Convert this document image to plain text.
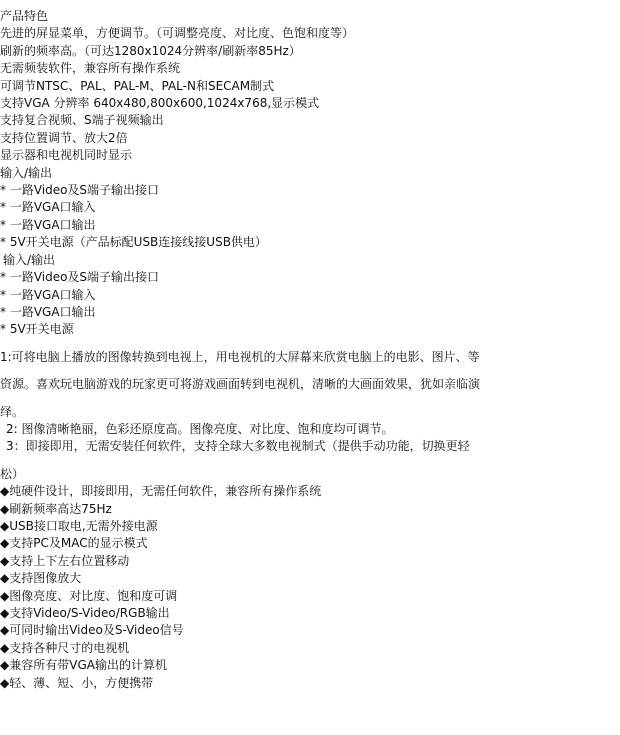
产品特色
先进的屏显菜单，方便调节。（可调整亮度、对比度、色饱和度等）
刷新的频率高。（可达1280x1024分辨率/刷新率85Hz）
无需频装软件，兼容所有操作系统
可调节NTSC、PAL、PAL-M、PAL-N和SECAM制式
支持VGA 分辨率 640x480,800x600,1024x768,显示模式
支持复合视频、S端子视频输出
支持位置调节、放大2倍
显示器和电视机同时显示
输入/输出
* 一路Video及S端子输出接口
* 一路VGA口输入
* 一路VGA口输出
* 5V开关电源（产品标配USB连接线接USB供电）
输入/输出
* 一路Video及S端子输出接口
* 一路VGA口输入
* 一路VGA口输出
* 5V开关电源
1:可将电脑上播放的图像转换到电视上，用电视机的大屏幕来欣赏电脑上的电影、图片、等
资源。喜欢玩电脑游戏的玩家更可将游戏画面转到电视机，清晰的大画面效果，犹如亲临演
绎。
2: 图像清晰艳丽，色彩还原度高。图像亮度、对比度、饱和度均可调节。
3：即接即用，无需安装任何软件，支持全球大多数电视制式（提供手动功能，切换更轻
松）
◆纯硬件设计，即接即用，无需任何软件，兼容所有操作系统
◆刷新频率高达75Hz
◆USB接口取电,无需外接电源
◆支持PC及MAC的显示模式
◆支持上下左右位置移动
◆支持图像放大
◆图像亮度、对比度、饱和度可调
◆支持Video/S-Video/RGB输出
◆可同时输出Video及S-Video信号
◆支持各种尺寸的电视机
◆兼容所有带VGA输出的计算机
◆轻、薄、短、小，方便携带
